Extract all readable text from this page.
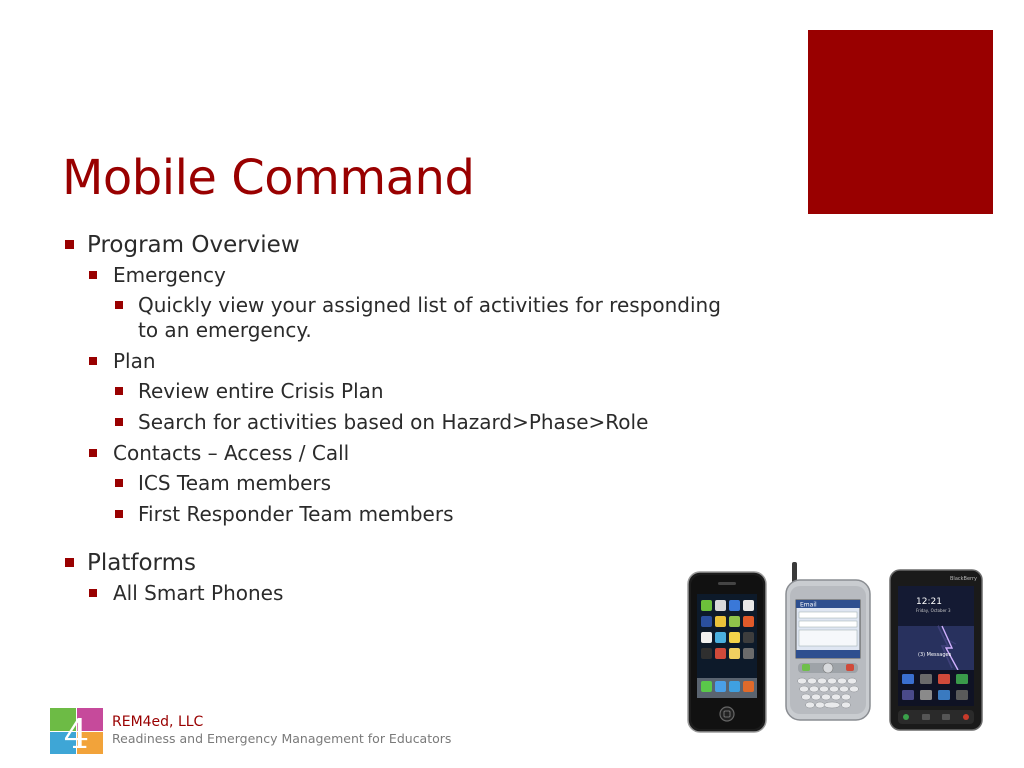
Mobile Command
Program Overview
Emergency
Quickly view your assigned list of activities for responding to an emergency.
Plan
Review entire Crisis Plan
Search for activities based on Hazard>Phase>Role
Contacts – Access / Call
ICS Team members
First Responder Team members
Platforms
All Smart Phones	Email
BlackBerry
12:21
Friday, October 3
(3) Messages
4 REM4ed, LLC
Readiness and Emergency Management for Educators
